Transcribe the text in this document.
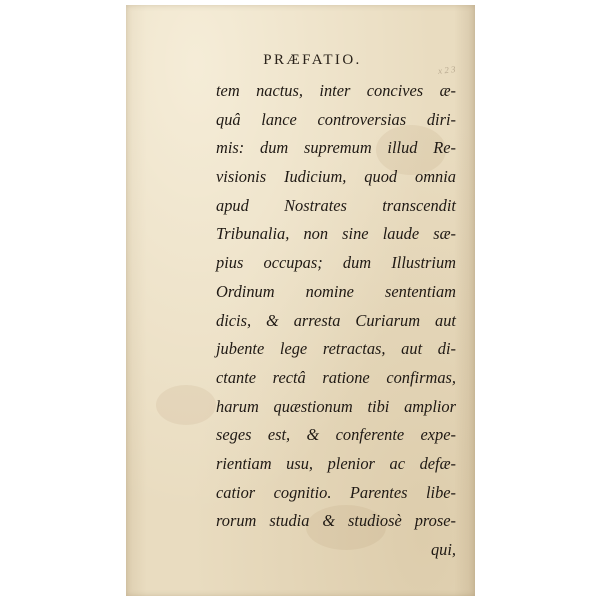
PRÆFATIO.
x 2 3
tem nactus, inter concives æ-
quâ lance controversias diri-
mis: dum supremum illud Re-
visionis Iudicium, quod omnia
apud Nostrates transcendit
Tribunalia, non sine laude sæ-
pius occupas; dum Illustrium
Ordinum nomine sententiam
dicis, & arresta Curiarum aut
jubente lege retractas, aut di-
ctante rectâ ratione confirmas,
harum quæstionum tibi amplior
seges est, & conferente expe-
rientiam usu, plenior ac defæ-
catior cognitio. Parentes libe-
rorum studia & studiosè prose-
qui,
